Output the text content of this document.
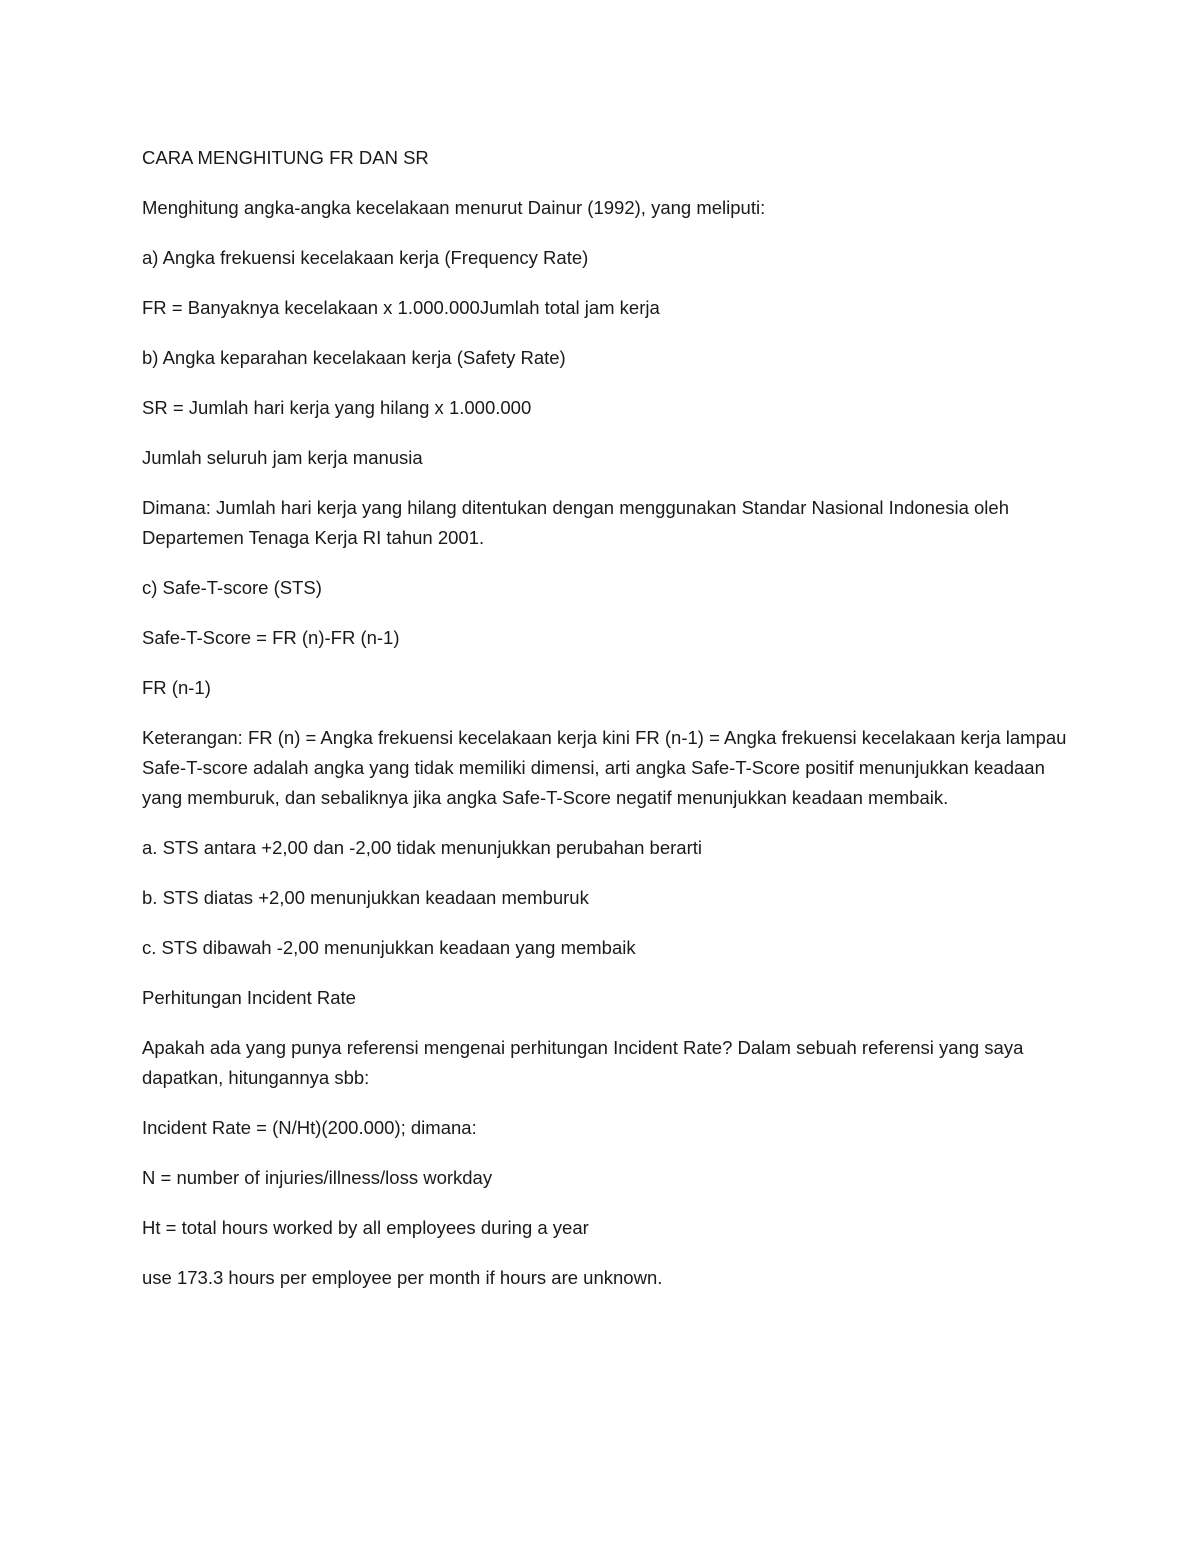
CARA MENGHITUNG FR DAN SR

Menghitung angka-angka kecelakaan menurut Dainur (1992), yang meliputi:

a) Angka frekuensi kecelakaan kerja (Frequency Rate)

FR = Banyaknya kecelakaan x 1.000.000Jumlah total jam kerja

b) Angka keparahan kecelakaan kerja (Safety Rate)

SR = Jumlah hari kerja yang hilang x 1.000.000

Jumlah seluruh jam kerja manusia

Dimana: Jumlah hari kerja yang hilang ditentukan dengan menggunakan Standar Nasional Indonesia oleh Departemen Tenaga Kerja RI tahun 2001.

c) Safe-T-score (STS)

Safe-T-Score = FR (n)-FR (n-1)

FR (n-1)

Keterangan: FR (n) = Angka frekuensi kecelakaan kerja kini FR (n-1) = Angka frekuensi kecelakaan kerja lampau Safe-T-score adalah angka yang tidak memiliki dimensi, arti angka Safe-T-Score positif menunjukkan keadaan yang memburuk, dan sebaliknya jika angka Safe-T-Score negatif menunjukkan keadaan membaik.

a. STS antara +2,00 dan -2,00 tidak menunjukkan perubahan berarti

b. STS diatas +2,00 menunjukkan keadaan memburuk

c. STS dibawah -2,00 menunjukkan keadaan yang membaik

Perhitungan Incident Rate

Apakah ada yang punya referensi mengenai perhitungan Incident Rate? Dalam sebuah referensi yang saya dapatkan, hitungannya sbb:

Incident Rate = (N/Ht)(200.000); dimana:

N = number of injuries/illness/loss workday

Ht = total hours worked by all employees during a year

use 173.3 hours per employee per month if hours are unknown.
